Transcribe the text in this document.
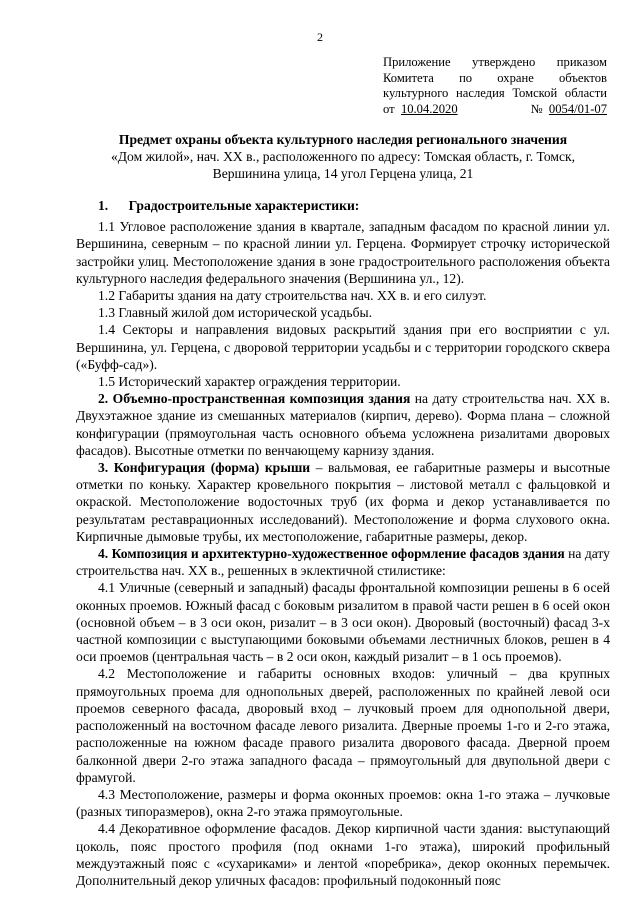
2
Приложение утверждено приказом
Комитета по охране объектов
культурного наследия Томской области
от 10.04.2020	№ 0054/01-07
Предмет охраны объекта культурного наследия регионального значения
«Дом жилой», нач. ХХ в., расположенного по адресу: Томская область, г. Томск,
Вершинина улица, 14 угол Герцена улица, 21
1. Градостроительные характеристики:

1.1 Угловое расположение здания в квартале, западным фасадом по красной линии ул. Вершинина, северным – по красной линии ул. Герцена. Формирует строчку исторической застройки улиц. Местоположение здания в зоне градостроительного расположения объекта культурного наследия федерального значения (Вершинина ул., 12).

1.2 Габариты здания на дату строительства нач. ХХ в. и его силуэт.

1.3 Главный жилой дом исторической усадьбы.

1.4 Секторы и направления видовых раскрытий здания при его восприятии с ул. Вершинина, ул. Герцена, с дворовой территории усадьбы и с территории городского сквера («Буфф-сад»).

1.5 Исторический характер ограждения территории.

2. Объемно-пространственная композиция здания на дату строительства нач. ХХ в. Двухэтажное здание из смешанных материалов (кирпич, дерево). Форма плана – сложной конфигурации (прямоугольная часть основного объема усложнена ризалитами дворовых фасадов). Высотные отметки по венчающему карнизу здания.

3. Конфигурация (форма) крыши – вальмовая, ее габаритные размеры и высотные отметки по коньку. Характер кровельного покрытия – листовой металл с фальцовкой и окраской. Местоположение водосточных труб (их форма и декор устанавливается по результатам реставрационных исследований). Местоположение и форма слухового окна. Кирпичные дымовые трубы, их местоположение, габаритные размеры, декор.

4. Композиция и архитектурно-художественное оформление фасадов здания на дату строительства нач. ХХ в., решенных в эклектичной стилистике:

4.1 Уличные (северный и западный) фасады фронтальной композиции решены в 6 осей оконных проемов. Южный фасад с боковым ризалитом в правой части решен в 6 осей окон (основной объем – в 3 оси окон, ризалит – в 3 оси окон). Дворовый (восточный) фасад 3-х частной композиции с выступающими боковыми объемами лестничных блоков, решен в 4 оси проемов (центральная часть – в 2 оси окон, каждый ризалит – в 1 ось проемов).

4.2 Местоположение и габариты основных входов: уличный – два крупных прямоугольных проема для однопольных дверей, расположенных по крайней левой оси проемов северного фасада, дворовый вход – лучковый проем для однопольной двери, расположенный на восточном фасаде левого ризалита. Дверные проемы 1-го и 2-го этажа, расположенные на южном фасаде правого ризалита дворового фасада. Дверной проем балконной двери 2-го этажа западного фасада – прямоугольный для двупольной двери с фрамугой.

4.3 Местоположение, размеры и форма оконных проемов: окна 1-го этажа – лучковые (разных типоразмеров), окна 2-го этажа прямоугольные.

4.4 Декоративное оформление фасадов. Декор кирпичной части здания: выступающий цоколь, пояс простого профиля (под окнами 1-го этажа), широкий профильный междуэтажный пояс с «сухариками» и лентой «поребрика», декор оконных перемычек. Дополнительный декор уличных фасадов: профильный подоконный пояс
